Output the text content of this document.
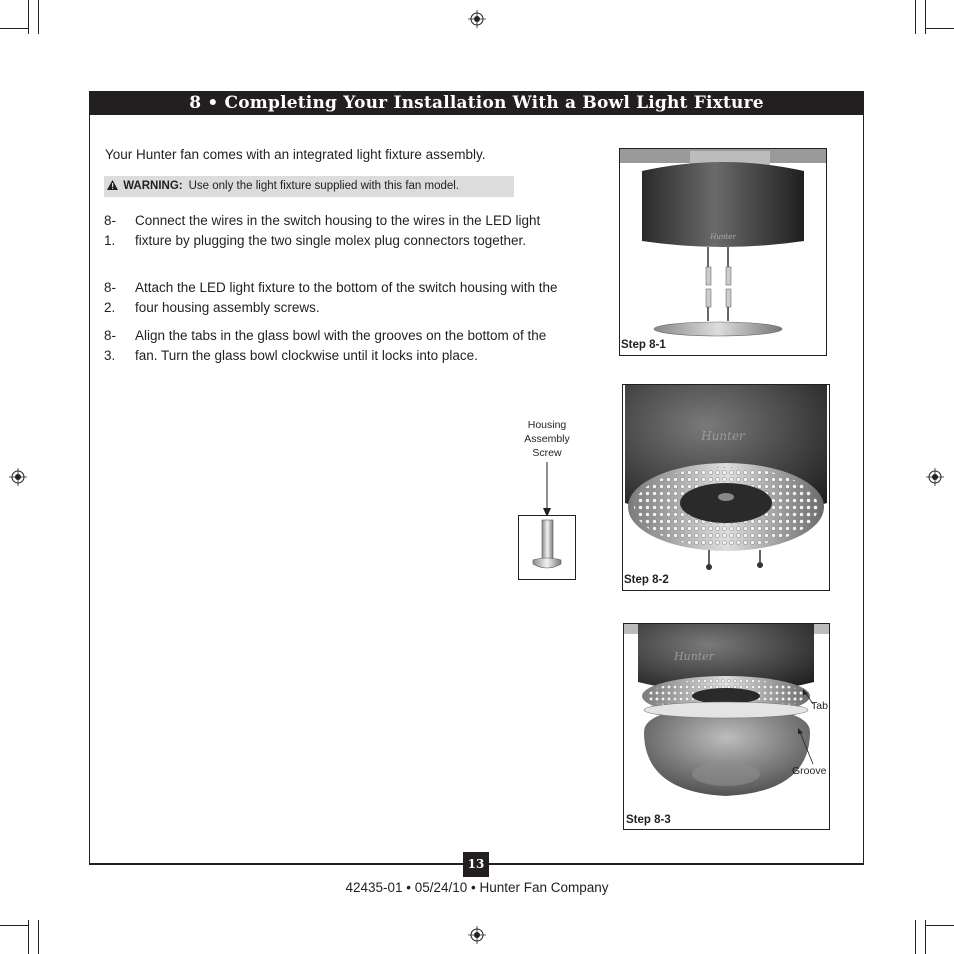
8 • Completing Your Installation With a Bowl Light Fixture
Your Hunter fan comes with an integrated light fixture assembly.
WARNING: Use only the light fixture supplied with this fan model.
8-1.
Connect the wires in the switch housing to the wires in the LED light fixture by plugging the two single molex plug connectors together.
8-2.
Attach the LED light fixture to the bottom of the switch housing with the four housing assembly screws.
8-3.
Align the tabs in the glass bowl with the grooves on the bottom of the fan. Turn the glass bowl clockwise until it locks into place.
Housing
Assembly
Screw
Hunter
Step 8-1
Hunter
Step 8-2
Hunter
Tab
Groove
Step 8-3
13
42435-01 • 05/24/10 • Hunter Fan Company
